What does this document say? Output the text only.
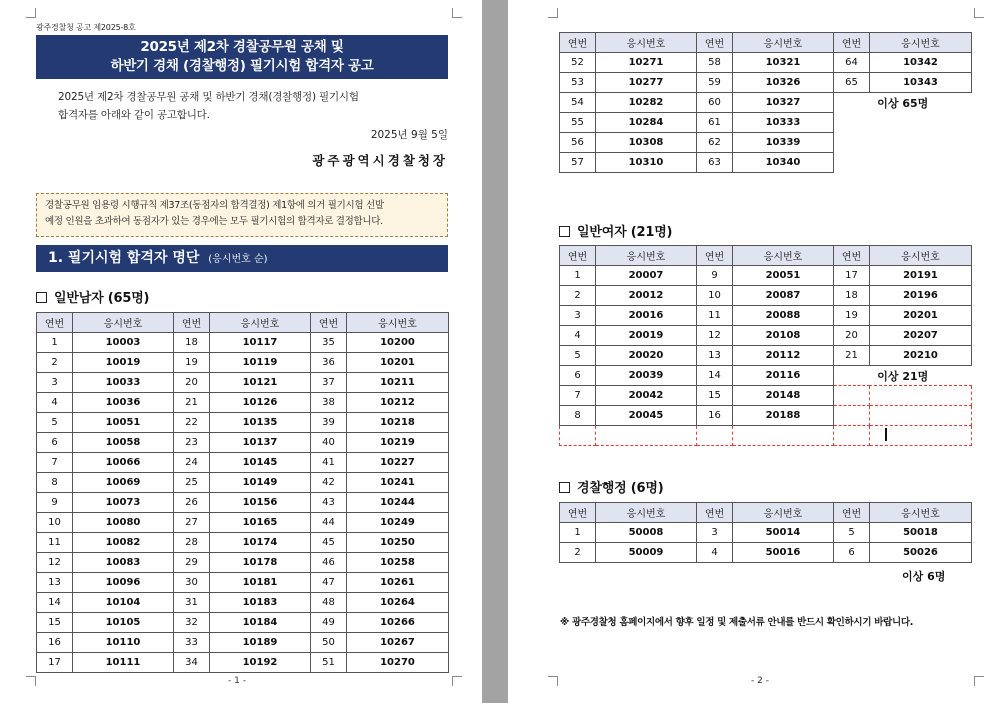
광주경찰청 공고 제2025-8호
2025년 제2차 경찰공무원 공채 및
하반기 경채 (경찰행정) 필기시험 합격자 공고
2025년 제2차 경찰공무원 공채 및 하반기 경채(경찰행정) 필기시험
합격자를 아래와 같이 공고합니다.
2025년 9월 5일
광주광역시경찰청장
경찰공무원 임용령 시행규칙 제37조(동점자의 합격결정) 제1항에 의거 필기시험 선발
예정 인원을 초과하여 동점자가 있는 경우에는 모두 필기시험의 합격자로 결정합니다.
1. 필기시험 합격자 명단 (응시번호 순)
일반남자 (65명)
연번	응시번호	연번	응시번호	연번	응시번호
1	10003	18	10117	35	10200
2	10019	19	10119	36	10201
3	10033	20	10121	37	10211
4	10036	21	10126	38	10212
5	10051	22	10135	39	10218
6	10058	23	10137	40	10219
7	10066	24	10145	41	10227
8	10069	25	10149	42	10241
9	10073	26	10156	43	10244
10	10080	27	10165	44	10249
11	10082	28	10174	45	10250
12	10083	29	10178	46	10258
13	10096	30	10181	47	10261
14	10104	31	10183	48	10264
15	10105	32	10184	49	10266
16	10110	33	10189	50	10267
17	10111	34	10192	51	10270
- 1 -
연번	응시번호	연번	응시번호	연번	응시번호
52	10271	58	10321	64	10342
53	10277	59	10326	65	10343
54	10282	60	10327	이상 65명	
55	10284	61	10333		
56	10308	62	10339		
57	10310	63	10340		
일반여자 (21명)
연번	응시번호	연번	응시번호	연번	응시번호
1	20007	9	20051	17	20191
2	20012	10	20087	18	20196
3	20016	11	20088	19	20201
4	20019	12	20108	20	20207
5	20020	13	20112	21	20210
6	20039	14	20116	이상 21명	
7	20042	15	20148		
8	20045	16	20188		

경찰행정 (6명)
연번	응시번호	연번	응시번호	연번	응시번호
1	50008	3	50014	5	50018
2	50009	4	50016	6	50026
이상 6명
※ 광주경찰청 홈페이지에서 향후 일정 및 제출서류 안내를 반드시 확인하시기 바랍니다.
- 2 -
